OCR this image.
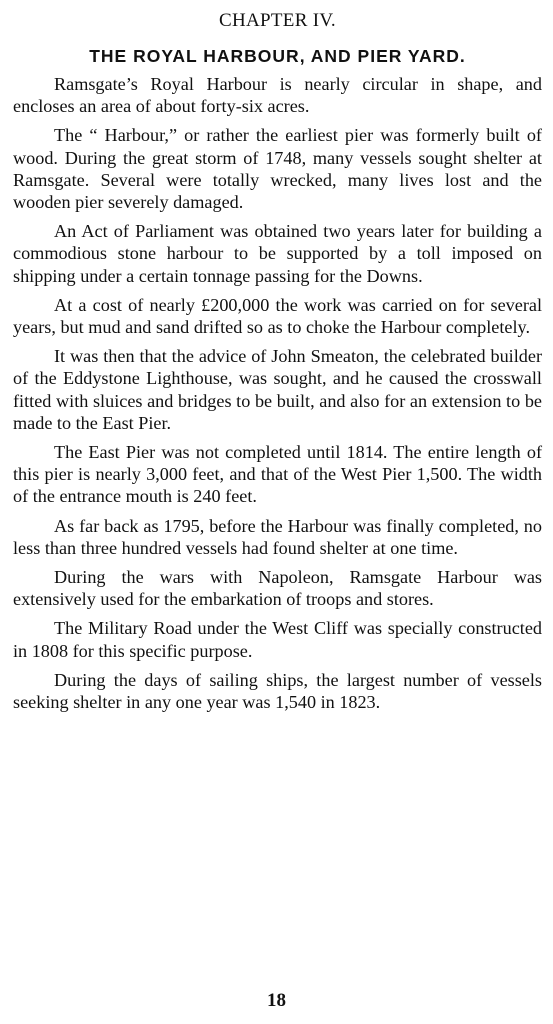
CHAPTER IV.
THE ROYAL HARBOUR, AND PIER YARD.

Ramsgate’s Royal Harbour is nearly circular in shape, and encloses an area of about forty-six acres.

The “ Harbour,” or rather the earliest pier was formerly built of wood. During the great storm of 1748, many vessels sought shelter at Ramsgate. Several were totally wrecked, many lives lost and the wooden pier severely damaged.

An Act of Parliament was obtained two years later for building a commodious stone harbour to be supported by a toll imposed on shipping under a certain tonnage passing for the Downs.

At a cost of nearly £200,000 the work was carried on for several years, but mud and sand drifted so as to choke the Harbour completely.

It was then that the advice of John Smeaton, the celebrated builder of the Eddystone Lighthouse, was sought, and he caused the crosswall fitted with sluices and bridges to be built, and also for an extension to be made to the East Pier.

The East Pier was not completed until 1814. The entire length of this pier is nearly 3,000 feet, and that of the West Pier 1,500. The width of the entrance mouth is 240 feet.

As far back as 1795, before the Harbour was finally completed, no less than three hundred vessels had found shelter at one time.

During the wars with Napoleon, Ramsgate Harbour was extensively used for the embarkation of troops and stores.

The Military Road under the West Cliff was specially constructed in 1808 for this specific purpose.

During the days of sailing ships, the largest number of vessels seeking shelter in any one year was 1,540 in 1823.

18
